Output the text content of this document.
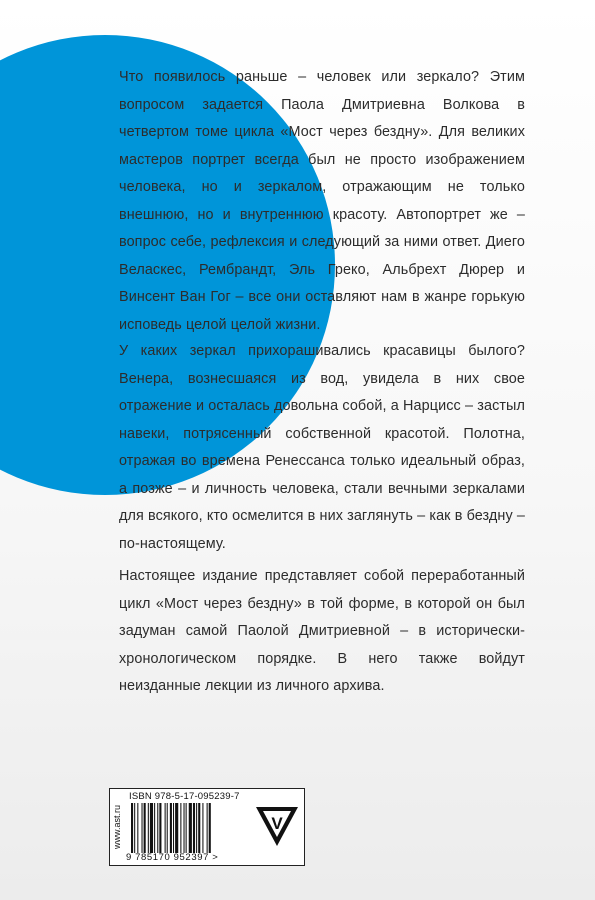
Что появилось раньше – человек или зеркало? Этим вопросом задается Паола Дмитриевна Волкова в четвертом томе цикла «Мост через бездну». Для великих мастеров портрет всегда был не просто изображением человека, но и зеркалом, отражающим не только внешнюю, но и внутреннюю красоту. Автопортрет же – вопрос себе, рефлексия и следующий за ними ответ. Диего Веласкес, Рембрандт, Эль Греко, Альбрехт Дюрер и Винсент Ван Гог – все они оставляют нам в жанре горькую исповедь целой целой жизни.

У каких зеркал прихорашивались красавицы былого? Венера, вознесшаяся из вод, увидела в них свое отражение и осталась довольна собой, а Нарцисс – застыл навеки, потрясенный собственной красотой. Полотна, отражая во времена Ренессанса только идеальный образ, а позже – и личность человека, стали вечными зеркалами для всякого, кто осмелится в них заглянуть – как в бездну – по-настоящему.

Настоящее издание представляет собой переработанный цикл «Мост через бездну» в той форме, в которой он был задуман самой Паолой Дмитриевной – в исторически-хронологическом порядке. В него также войдут неизданные лекции из личного архива.

www.ast.ru
ISBN 978-5-17-095239-7
9 785170 952397 >
V
